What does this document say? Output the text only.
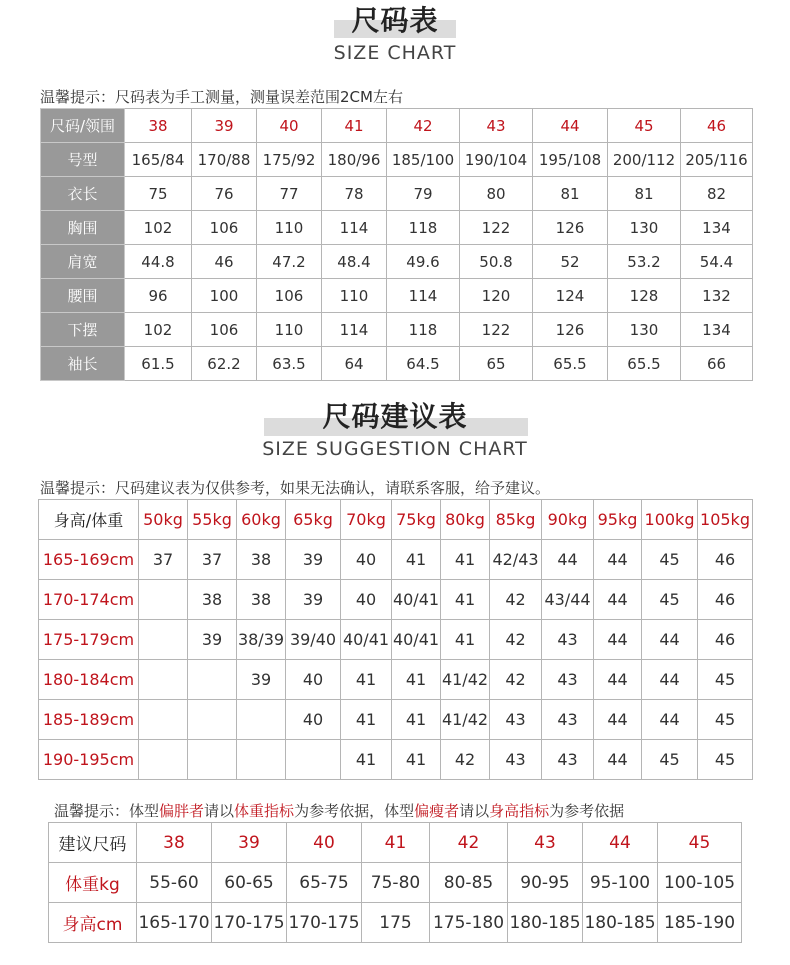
尺码表
SIZE CHART
温馨提示：尺码表为手工测量，测量误差范围2CM左右
尺码/领围	38	39	40	41	42	43	44	45	46
号型	165/84	170/88	175/92	180/96	185/100	190/104	195/108	200/112	205/116
衣长	75	76	77	78	79	80	81	81	82
胸围	102	106	110	114	118	122	126	130	134
肩宽	44.8	46	47.2	48.4	49.6	50.8	52	53.2	54.4
腰围	96	100	106	110	114	120	124	128	132
下摆	102	106	110	114	118	122	126	130	134
袖长	61.5	62.2	63.5	64	64.5	65	65.5	65.5	66
尺码建议表
SIZE SUGGESTION CHART
温馨提示：尺码建议表为仅供参考，如果无法确认，请联系客服，给予建议。
身高/体重	50kg	55kg	60kg	65kg	70kg	75kg	80kg	85kg	90kg	95kg	100kg	105kg
165-169cm	37	37	38	39	40	41	41	42/43	44	44	45	46
170-174cm		38	38	39	40	40/41	41	42	43/44	44	45	46
175-179cm		39	38/39	39/40	40/41	40/41	41	42	43	44	44	46
180-184cm			39	40	41	41	41/42	42	43	44	44	45
185-189cm				40	41	41	41/42	43	43	44	44	45
190-195cm					41	41	42	43	43	44	45	45
温馨提示：体型偏胖者请以体重指标为参考依据，体型偏瘦者请以身高指标为参考依据
建议尺码	38	39	40	41	42	43	44	45
体重kg	55-60	60-65	65-75	75-80	80-85	90-95	95-100	100-105
身高cm	165-170	170-175	170-175	175	175-180	180-185	180-185	185-190
